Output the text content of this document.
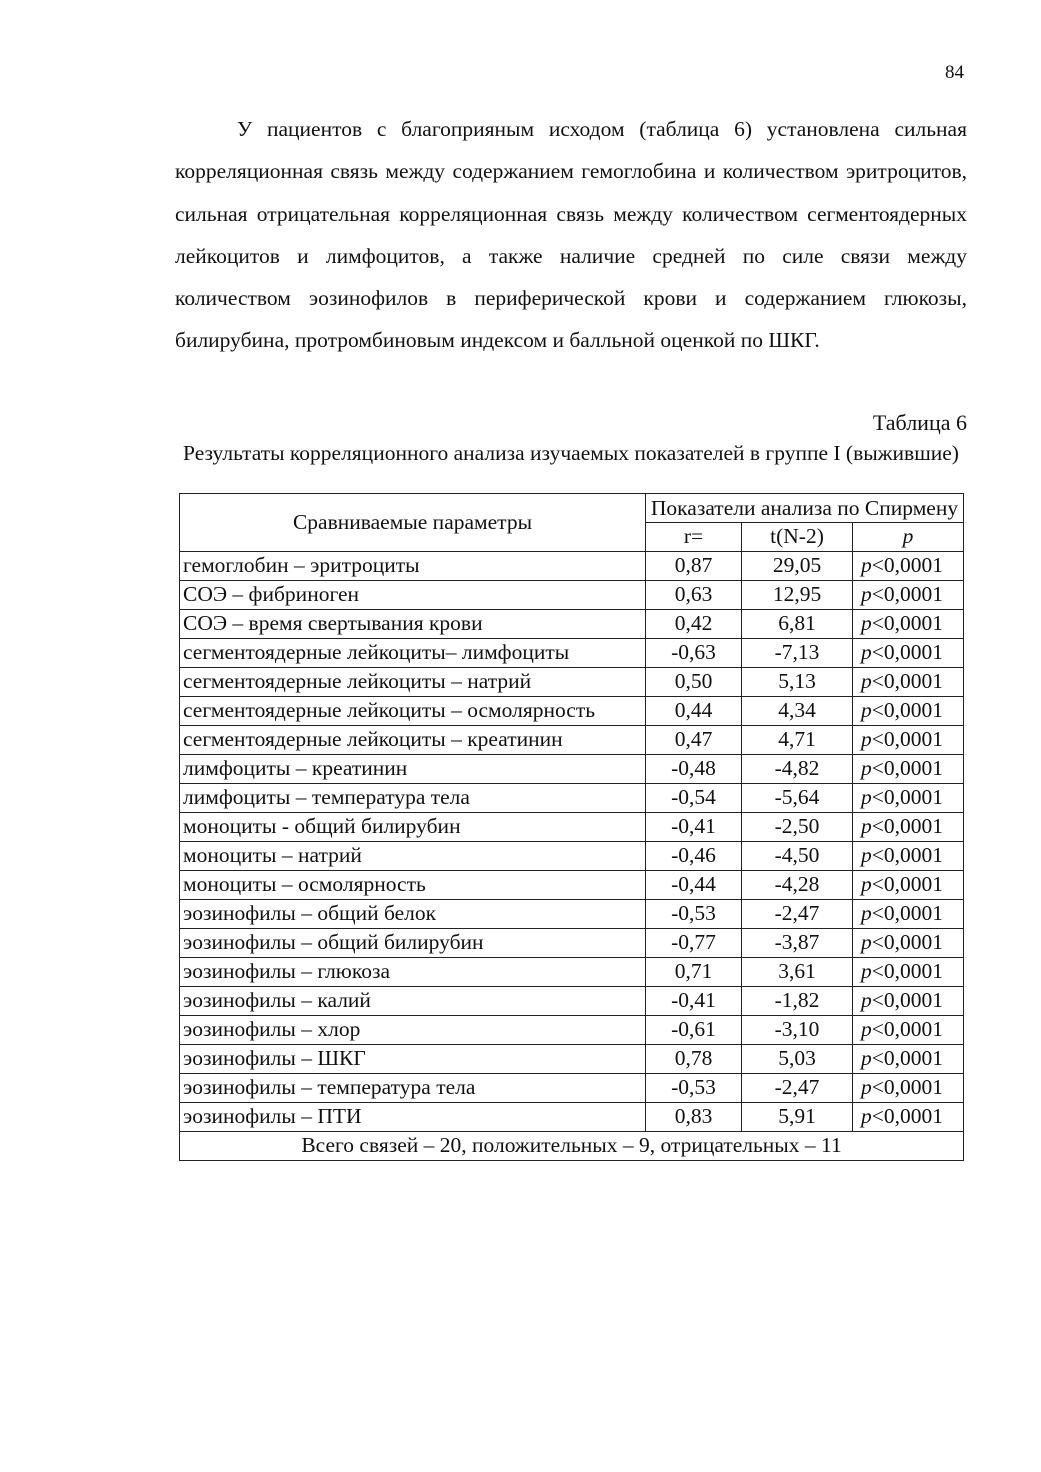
84

У пациентов с благоприяным исходом (таблица 6) установлена сильная корреляционная связь между содержанием гемоглобина и количеством эритроцитов, сильная отрицательная корреляционная связь между количеством сегментоядерных лейкоцитов и лимфоцитов, а также наличие средней по силе связи между количеством эозинофилов в периферической крови и содержанием глюкозы, билирубина, протромбиновым индексом и балльной оценкой по ШКГ.

Таблица 6
Результаты корреляционного анализа изучаемых показателей в группе I (выжившие)
Сравниваемые параметры	Показатели анализа по Спирмену		
	r=	t(N-2)	p
гемоглобин – эритроциты	0,87	29,05	p<0,0001
СОЭ – фибриноген	0,63	12,95	p<0,0001
СОЭ – время свертывания крови	0,42	6,81	p<0,0001
сегментоядерные лейкоциты– лимфоциты	-0,63	-7,13	p<0,0001
сегментоядерные лейкоциты – натрий	0,50	5,13	p<0,0001
сегментоядерные лейкоциты – осмолярность	0,44	4,34	p<0,0001
сегментоядерные лейкоциты – креатинин	0,47	4,71	p<0,0001
лимфоциты – креатинин	-0,48	-4,82	p<0,0001
лимфоциты – температура тела	-0,54	-5,64	p<0,0001
моноциты - общий билирубин	-0,41	-2,50	p<0,0001
моноциты – натрий	-0,46	-4,50	p<0,0001
моноциты – осмолярность	-0,44	-4,28	p<0,0001
эозинофилы – общий белок	-0,53	-2,47	p<0,0001
эозинофилы – общий билирубин	-0,77	-3,87	p<0,0001
эозинофилы – глюкоза	0,71	3,61	p<0,0001
эозинофилы – калий	-0,41	-1,82	p<0,0001
эозинофилы – хлор	-0,61	-3,10	p<0,0001
эозинофилы – ШКГ	0,78	5,03	p<0,0001
эозинофилы – температура тела	-0,53	-2,47	p<0,0001
эозинофилы – ПТИ	0,83	5,91	p<0,0001
Всего связей – 20, положительных – 9, отрицательных – 11			
